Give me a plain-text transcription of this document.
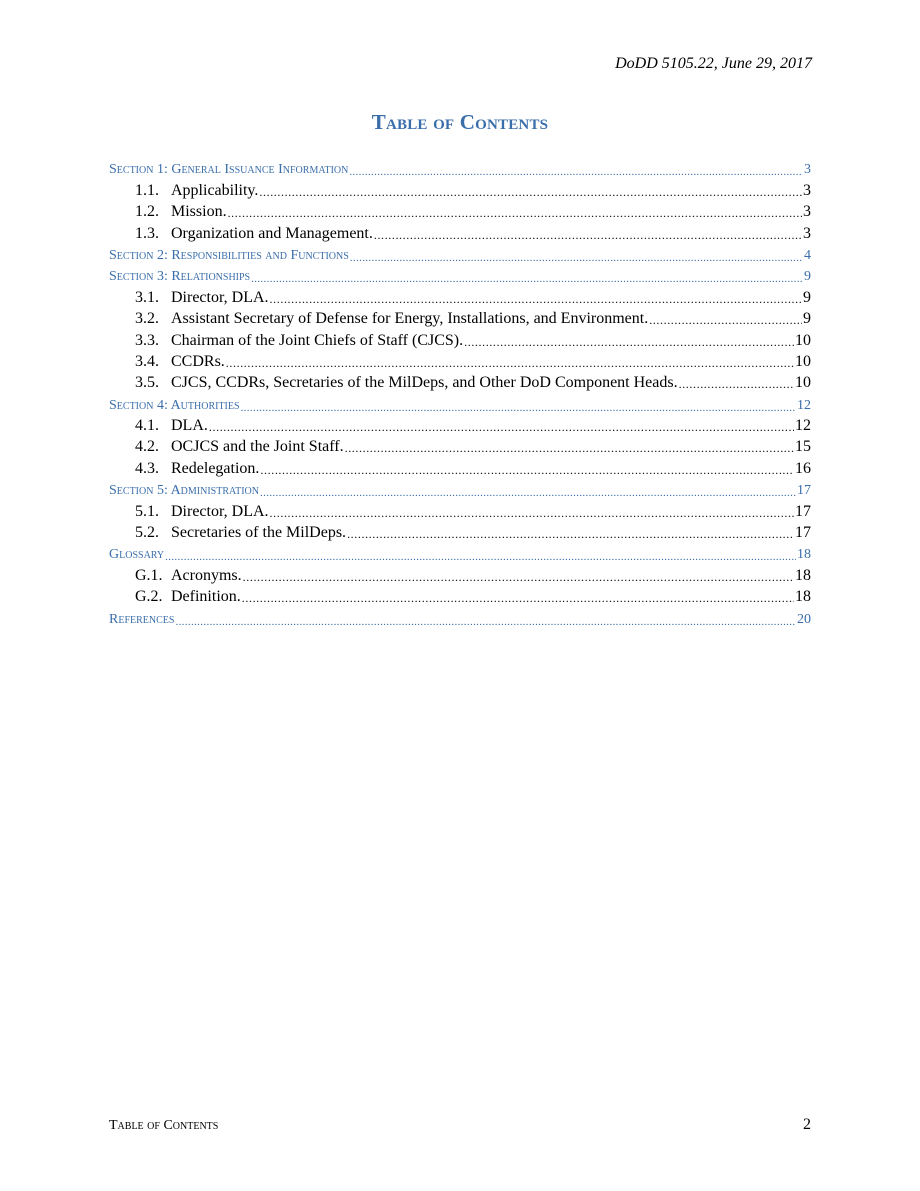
DoDD 5105.22, June 29, 2017
Table of Contents
Section 1: General Issuance Information . . .	3
1.1. Applicability. . . .	3
1.2. Mission. . . .	3
1.3. Organization and Management. . . .	3
Section 2: Responsibilities and Functions . . .	4
Section 3: Relationships . . .	9
3.1. Director, DLA. . . .	9
3.2. Assistant Secretary of Defense for Energy, Installations, and Environment. . . .	9
3.3. Chairman of the Joint Chiefs of Staff (CJCS). . . .	10
3.4. CCDRs. . . .	10
3.5. CJCS, CCDRs, Secretaries of the MilDeps, and Other DoD Component Heads. . . .	10
Section 4: Authorities . . .	12
4.1. DLA. . . .	12
4.2. OCJCS and the Joint Staff. . . .	15
4.3. Redelegation. . . .	16
Section 5: Administration . . .	17
5.1. Director, DLA. . . .	17
5.2. Secretaries of the MilDeps. . . .	17
Glossary . . .	18
G.1. Acronyms. . . .	18
G.2. Definition. . . .	18
References . . .	20
Table of Contents	2
